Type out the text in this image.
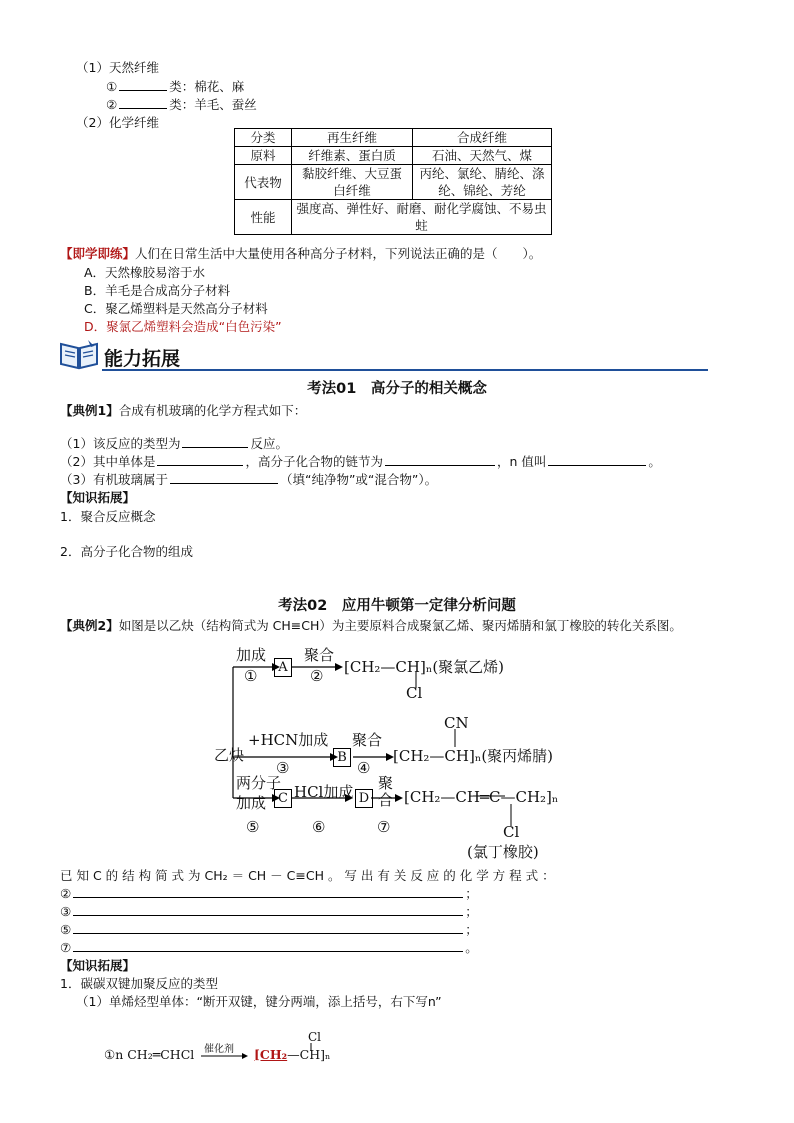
（1）天然纤维
①	类：棉花、麻
②	类：羊毛、蚕丝
（2）化学纤维
分类	再生纤维	合成纤维
原料	纤维素、蛋白质	石油、天然气、煤
代表物	黏胶纤维、大豆蛋白纤维	丙纶、氯纶、腈纶、涤纶、锦纶、芳纶
性能	强度高、弹性好、耐磨、耐化学腐蚀、不易虫蛀	
【即学即练】人们在日常生活中大量使用各种高分子材料，下列说法正确的是（　　）。
A．天然橡胶易溶于水
B．羊毛是合成高分子材料
C．聚乙烯塑料是天然高分子材料
D．聚氯乙烯塑料会造成“白色污染”
能力拓展
考法01　高分子的相关概念
【典例1】合成有机玻璃的化学方程式如下：
（1）该反应的类型为	反应。
（2）其中单体是	，高分子化合物的链节为	，n 值叫	。
（3）有机玻璃属于	（填“纯净物”或“混合物”）。
【知识拓展】
1．聚合反应概念
2．高分子化合物的组成
考法02　应用牛顿第一定律分析问题
【典例2】如图是以乙炔（结构简式为 CH≡CH）为主要原料合成聚氯乙烯、聚丙烯腈和氯丁橡胶的转化关系图。
乙炔
加成
①	A
聚合
② [CH₂—CH]ₙ(聚氯乙烯)
Cl
+HCN加成
③
B
聚合
④
CN
[CH₂—CH]ₙ(聚丙烯腈)
两分子
加成
⑤
C HCl加成
⑥
D
聚
合
⑦
[CH₂—CH═C—CH₂]ₙ
Cl
(氯丁橡胶)
已 知 C 的 结 构 简 式 为 CH₂ ＝ CH － C≡CH 。 写 出 有 关 反 应 的 化 学 方 程 式 ：
②	；
③	；
⑤	；
⑦	。
【知识拓展】
1．碳碳双键加聚反应的类型
（1）单烯烃型单体：“断开双键，键分两端，添上括号，右下写n”
①n CH₂═CHCl 催化剂
Cl
[CH₂—CH]ₙ
